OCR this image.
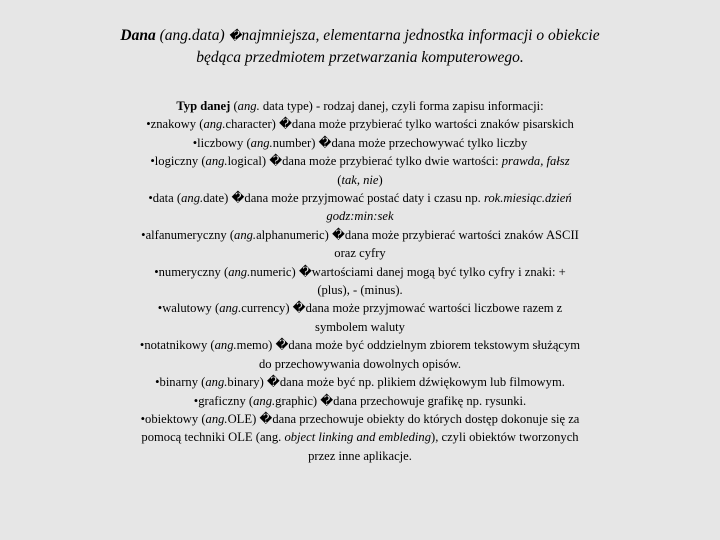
Dana (ang.data) �najmniejsza, elementarna jednostka informacji o obiekcie
będąca przedmiotem przetwarzania komputerowego.

Typ danej (ang. data type) - rodzaj danej, czyli forma zapisu informacji:

•znakowy (ang.character) �dana może przybierać tylko wartości znaków pisarskich

•liczbowy (ang.number) �dana może przechowywać tylko liczby

•logiczny (ang.logical) �dana może przybierać tylko dwie wartości: prawda, fałsz
(tak, nie)

•data (ang.date) �dana może przyjmować postać daty i czasu np. rok.miesiąc.dzień
godz:min:sek

•alfanumeryczny (ang.alphanumeric) �dana może przybierać wartości znaków ASCII
oraz cyfry

•numeryczny (ang.numeric) �wartościami danej mogą być tylko cyfry i znaki: +
(plus), - (minus).

•walutowy (ang.currency) �dana może przyjmować wartości liczbowe razem z
symbolem waluty

•notatnikowy (ang.memo) �dana może być oddzielnym zbiorem tekstowym służącym
do przechowywania dowolnych opisów.

•binarny (ang.binary) �dana może być np. plikiem dźwiękowym lub filmowym.

•graficzny (ang.graphic) �dana przechowuje grafikę np. rysunki.

•obiektowy (ang.OLE) �dana przechowuje obiekty do których dostęp dokonuje się za
pomocą techniki OLE (ang. object linking and embleding), czyli obiektów tworzonych
przez inne aplikacje.
